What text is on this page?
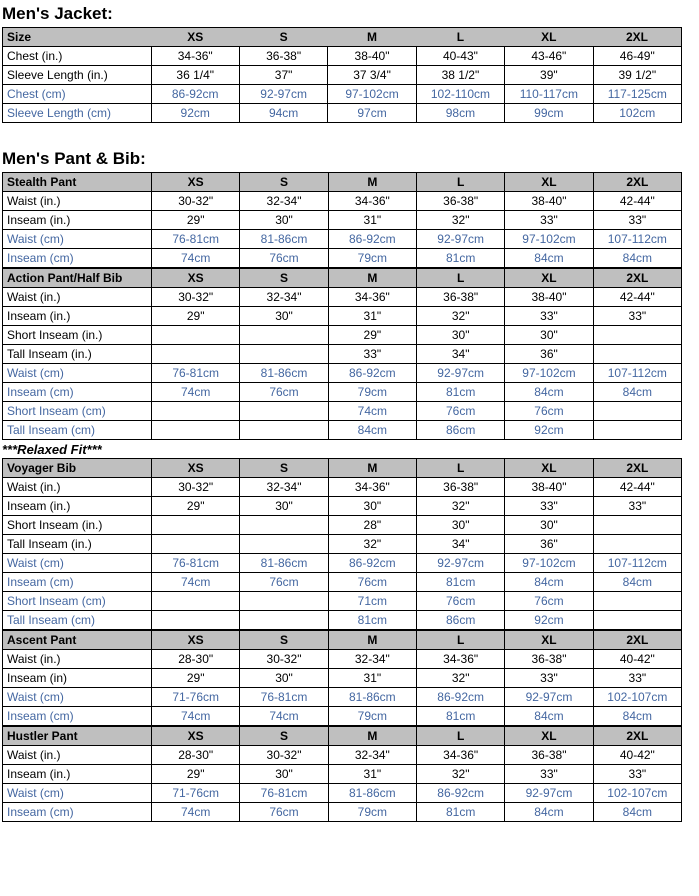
Men's Jacket:
Size	XS	S	M	L	XL	2XL
Chest (in.)	34-36"	36-38"	38-40"	40-43"	43-46"	46-49"
Sleeve Length (in.)	36 1/4"	37"	37 3/4"	38 1/2"	39"	39 1/2"
Chest (cm)	86-92cm	92-97cm	97-102cm	102-110cm	110-117cm	117-125cm
Sleeve Length (cm)	92cm	94cm	97cm	98cm	99cm	102cm
Men's Pant & Bib:
Stealth Pant	XS	S	M	L	XL	2XL
Waist (in.)	30-32"	32-34"	34-36"	36-38"	38-40"	42-44"
Inseam (in.)	29"	30"	31"	32"	33"	33"
Waist (cm)	76-81cm	81-86cm	86-92cm	92-97cm	97-102cm	107-112cm
Inseam (cm)	74cm	76cm	79cm	81cm	84cm	84cm
Action Pant/Half Bib	XS	S	M	L	XL	2XL
Waist (in.)	30-32"	32-34"	34-36"	36-38"	38-40"	42-44"
Inseam (in.)	29"	30"	31"	32"	33"	33"
Short Inseam (in.)			29"	30"	30"	
Tall Inseam (in.)			33"	34"	36"	
Waist (cm)	76-81cm	81-86cm	86-92cm	92-97cm	97-102cm	107-112cm
Inseam (cm)	74cm	76cm	79cm	81cm	84cm	84cm
Short Inseam (cm)			74cm	76cm	76cm	
Tall Inseam (cm)			84cm	86cm	92cm	
***Relaxed Fit***
Voyager Bib	XS	S	M	L	XL	2XL
Waist (in.)	30-32"	32-34"	34-36"	36-38"	38-40"	42-44"
Inseam (in.)	29"	30"	30"	32"	33"	33"
Short Inseam (in.)			28"	30"	30"	
Tall Inseam (in.)			32"	34"	36"	
Waist (cm)	76-81cm	81-86cm	86-92cm	92-97cm	97-102cm	107-112cm
Inseam (cm)	74cm	76cm	76cm	81cm	84cm	84cm
Short Inseam (cm)			71cm	76cm	76cm	
Tall Inseam (cm)			81cm	86cm	92cm	
Ascent Pant	XS	S	M	L	XL	2XL
Waist (in.)	28-30"	30-32"	32-34"	34-36"	36-38"	40-42"
Inseam (in)	29"	30"	31"	32"	33"	33"
Waist (cm)	71-76cm	76-81cm	81-86cm	86-92cm	92-97cm	102-107cm
Inseam (cm)	74cm	74cm	79cm	81cm	84cm	84cm
Hustler Pant	XS	S	M	L	XL	2XL
Waist (in.)	28-30"	30-32"	32-34"	34-36"	36-38"	40-42"
Inseam (in.)	29"	30"	31"	32"	33"	33"
Waist (cm)	71-76cm	76-81cm	81-86cm	86-92cm	92-97cm	102-107cm
Inseam (cm)	74cm	76cm	79cm	81cm	84cm	84cm
